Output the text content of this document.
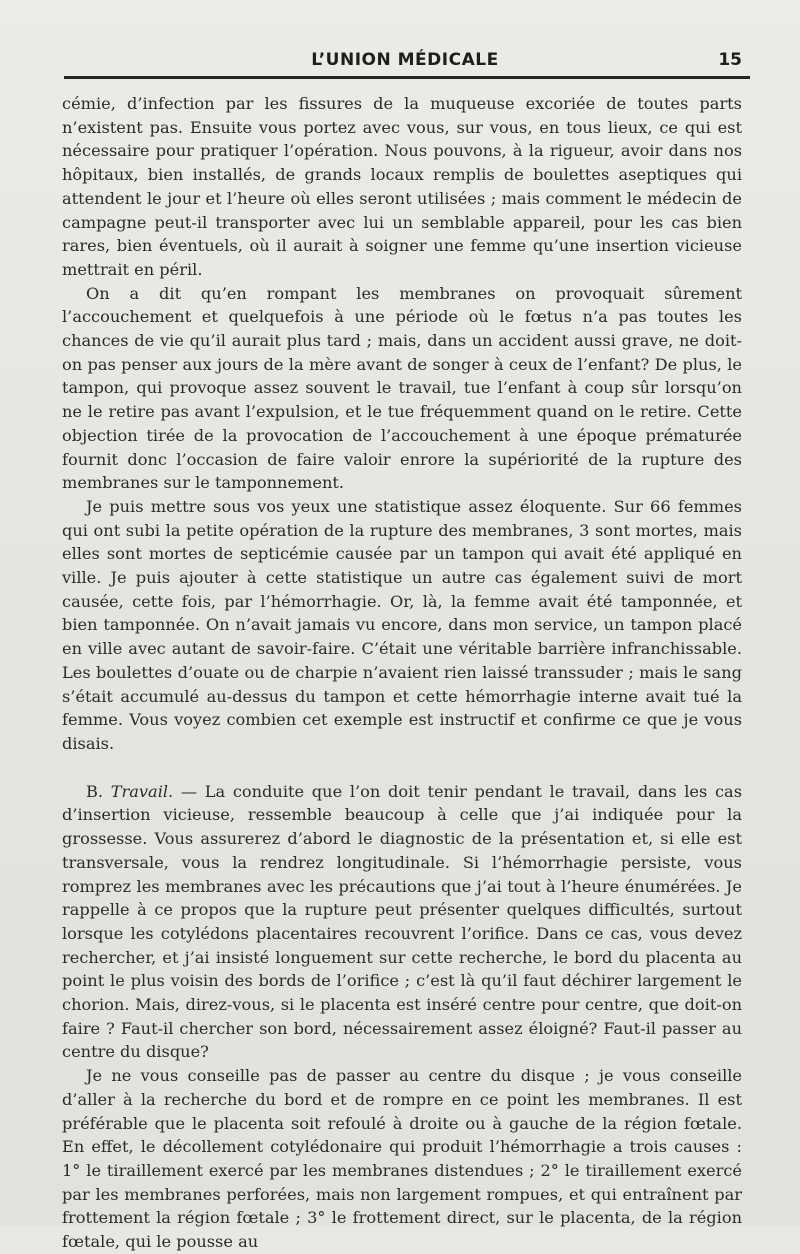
L’UNION MÉDICALE	15

cémie, d’infection par les fissures de la muqueuse excoriée de toutes parts n’existent pas. Ensuite vous portez avec vous, sur vous, en tous lieux, ce qui est nécessaire pour pratiquer l’opération. Nous pouvons, à la rigueur, avoir dans nos hôpitaux, bien installés, de grands locaux remplis de boulettes aseptiques qui attendent le jour et l’heure où elles seront utilisées ; mais comment le médecin de campagne peut-il transporter avec lui un semblable appareil, pour les cas bien rares, bien éventuels, où il aurait à soigner une femme qu’une insertion vicieuse mettrait en péril.

On a dit qu’en rompant les membranes on provoquait sûrement l’accouchement et quelquefois à une période où le fœtus n’a pas toutes les chances de vie qu’il aurait plus tard ; mais, dans un accident aussi grave, ne doit-on pas penser aux jours de la mère avant de songer à ceux de l’enfant? De plus, le tampon, qui provoque assez souvent le travail, tue l’enfant à coup sûr lorsqu’on ne le retire pas avant l’expulsion, et le tue fréquemment quand on le retire. Cette objection tirée de la provocation de l’accouchement à une époque prématurée fournit donc l’occasion de faire valoir enrore la supériorité de la rupture des membranes sur le tamponnement.

Je puis mettre sous vos yeux une statistique assez éloquente. Sur 66 femmes qui ont subi la petite opération de la rupture des membranes, 3 sont mortes, mais elles sont mortes de septicémie causée par un tampon qui avait été appliqué en ville. Je puis ajouter à cette statistique un autre cas également suivi de mort causée, cette fois, par l’hémorrhagie. Or, là, la femme avait été tamponnée, et bien tamponnée. On n’avait jamais vu encore, dans mon service, un tampon placé en ville avec autant de savoir-faire. C’était une véritable barrière infranchissable. Les boulettes d’ouate ou de charpie n’avaient rien laissé transsuder ; mais le sang s’était accumulé au-dessus du tampon et cette hémorrhagie interne avait tué la femme. Vous voyez combien cet exemple est instructif et confirme ce que je vous disais.

B. Travail. — La conduite que l’on doit tenir pendant le travail, dans les cas d’insertion vicieuse, ressemble beaucoup à celle que j’ai indiquée pour la grossesse. Vous assurerez d’abord le diagnostic de la présentation et, si elle est transversale, vous la rendrez longitudinale. Si l’hémorrhagie persiste, vous romprez les membranes avec les précautions que j’ai tout à l’heure énumérées. Je rappelle à ce propos que la rupture peut présenter quelques difficultés, surtout lorsque les cotylédons placentaires recouvrent l’orifice. Dans ce cas, vous devez rechercher, et j’ai insisté longuement sur cette recherche, le bord du placenta au point le plus voisin des bords de l’orifice ; c’est là qu’il faut déchirer largement le chorion. Mais, direz-vous, si le placenta est inséré centre pour centre, que doit-on faire ? Faut-il chercher son bord, nécessairement assez éloigné? Faut-il passer au centre du disque?

Je ne vous conseille pas de passer au centre du disque ; je vous conseille d’aller à la recherche du bord et de rompre en ce point les membranes. Il est préférable que le placenta soit refoulé à droite ou à gauche de la région fœtale. En effet, le décollement cotylédonaire qui produit l’hémorrhagie a trois causes : 1° le tiraillement exercé par les membranes distendues ; 2° le tiraillement exercé par les membranes perforées, mais non largement rompues, et qui entraînent par frottement la région fœtale ; 3° le frottement direct, sur le placenta, de la région fœtale, qui le pousse au
